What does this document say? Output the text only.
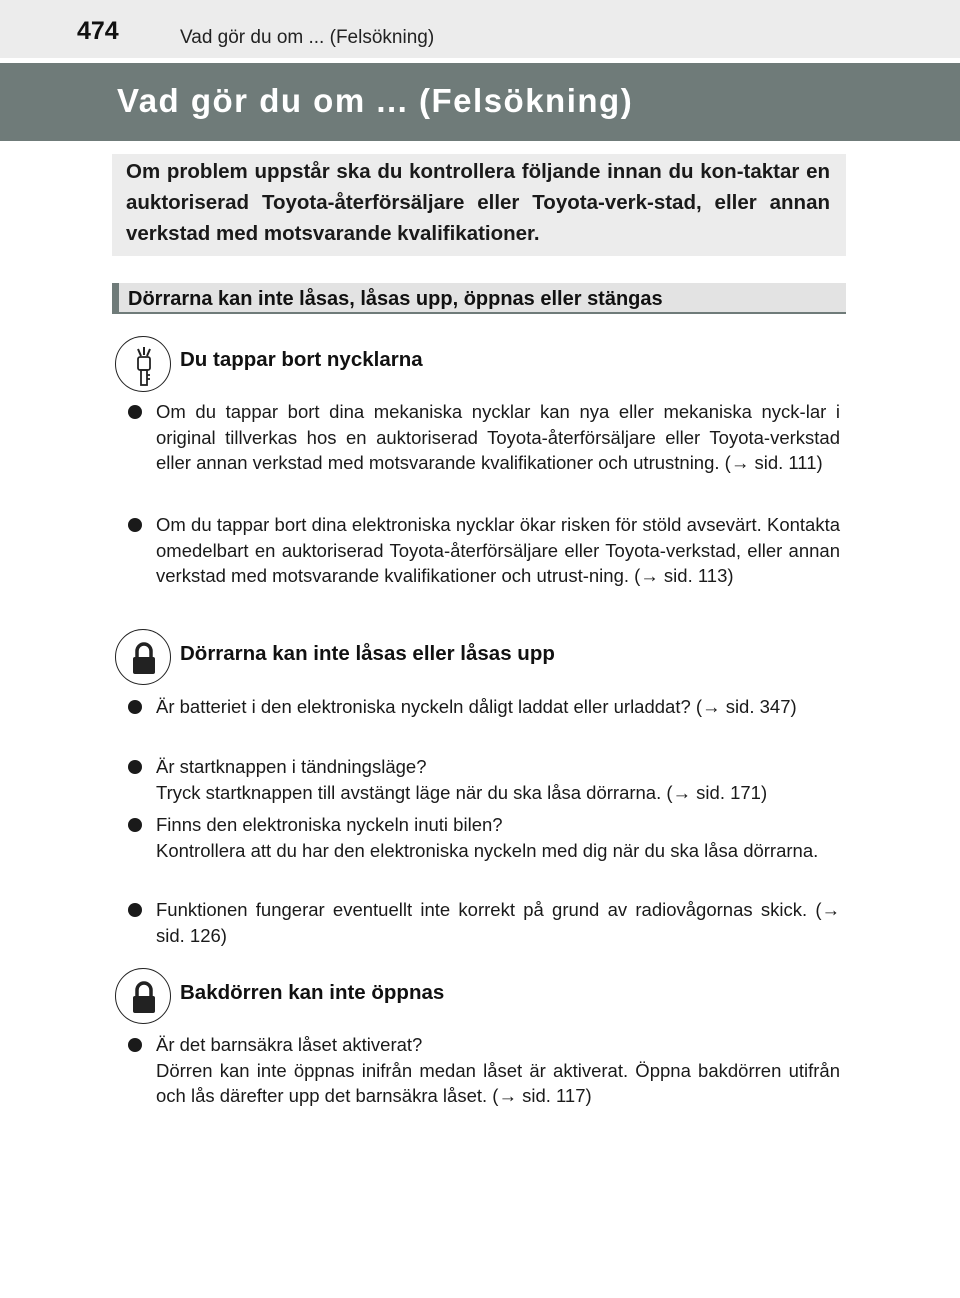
474	Vad gör du om ... (Felsökning)
Vad gör du om ... (Felsökning)
Om problem uppstår ska du kontrollera följande innan du kon-taktar en auktoriserad Toyota-återförsäljare eller Toyota-verk-stad, eller annan verkstad med motsvarande kvalifikationer.
Dörrarna kan inte låsas, låsas upp, öppnas eller stängas
Du tappar bort nycklarna
Om du tappar bort dina mekaniska nycklar kan nya eller mekaniska nyck-lar i original tillverkas hos en auktoriserad Toyota-återförsäljare eller Toyota-verkstad eller annan verkstad med motsvarande kvalifikationer och utrustning. (→ sid. 111)
Om du tappar bort dina elektroniska nycklar ökar risken för stöld avsevärt. Kontakta omedelbart en auktoriserad Toyota-återförsäljare eller Toyota-verkstad, eller annan verkstad med motsvarande kvalifikationer och utrust-ning. (→ sid. 113)
Dörrarna kan inte låsas eller låsas upp
Är batteriet i den elektroniska nyckeln dåligt laddat eller urladdat? (→ sid. 347)
Är startknappen i tändningsläge?
Tryck startknappen till avstängt läge när du ska låsa dörrarna. (→ sid. 171)
Finns den elektroniska nyckeln inuti bilen?
Kontrollera att du har den elektroniska nyckeln med dig när du ska låsa dörrarna.
Funktionen fungerar eventuellt inte korrekt på grund av radiovågornas skick. (→ sid. 126)
Bakdörren kan inte öppnas
Är det barnsäkra låset aktiverat?
Dörren kan inte öppnas inifrån medan låset är aktiverat. Öppna bakdörren utifrån och lås därefter upp det barnsäkra låset. (→ sid. 117)
